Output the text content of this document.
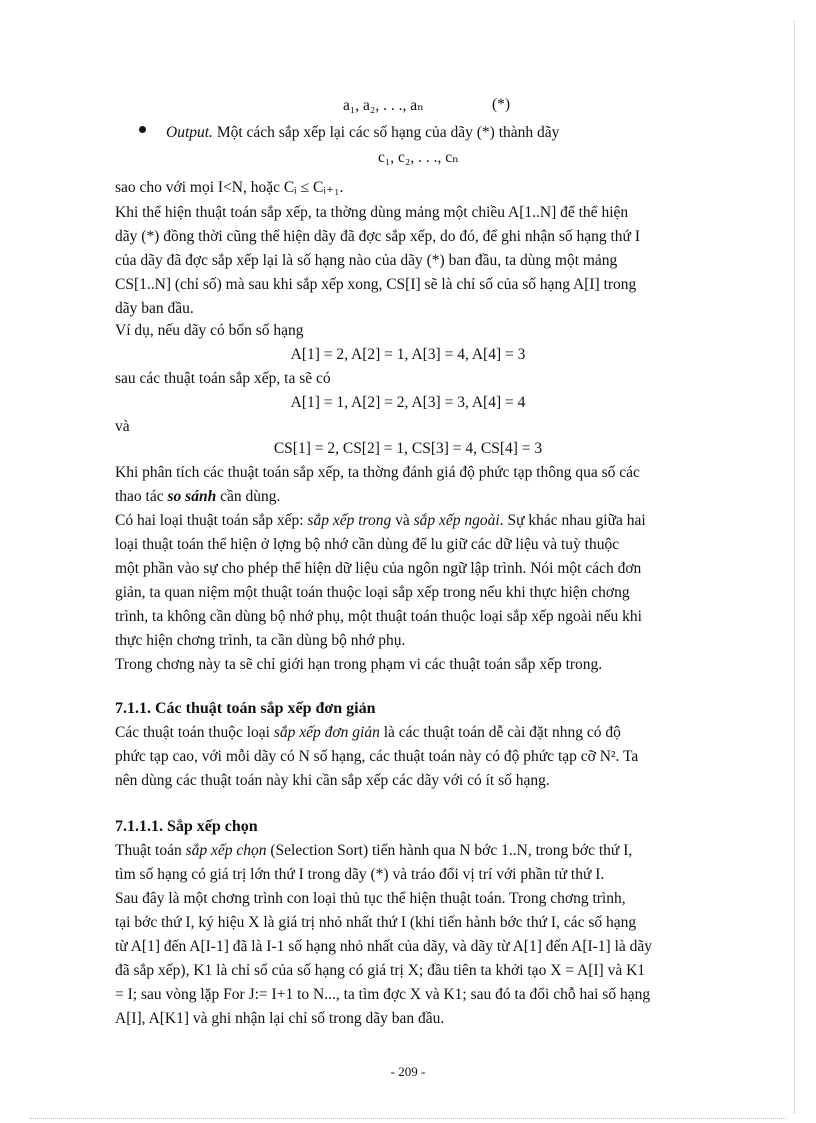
a₁, a₂, . . ., aₙ	(*)
Output. Một cách sắp xếp lại các số hạng của dãy (*) thành dãy
c₁, c₂, . . ., cₙ
sao cho với mọi I<N, hoặc Cᵢ ≤ Cᵢ₊₁.
Khi thể hiện thuật toán sắp xếp, ta thờng dùng mảng một chiều A[1..N] để thể hiện
dãy (*) đồng thời cũng thể hiện dãy đã đợc sắp xếp, do đó, để ghi nhận số hạng thứ I
của dãy đã đợc sắp xếp lại là số hạng nào của dãy (*) ban đầu, ta dùng một mảng
CS[1..N] (chỉ số) mà sau khi sắp xếp xong, CS[I] sẽ là chỉ số của số hạng A[I] trong
dãy ban đầu.
Ví dụ, nếu dãy có bốn số hạng
A[1] = 2, A[2] = 1, A[3] = 4, A[4] = 3
sau các thuật toán sắp xếp, ta sẽ có
A[1] = 1, A[2] = 2, A[3] = 3, A[4] = 4
và
CS[1] = 2, CS[2] = 1, CS[3] = 4, CS[4] = 3
Khi phân tích các thuật toán sắp xếp, ta thờng đánh giá độ phức tạp thông qua số các
thao tác so sánh cần dùng.
Có hai loại thuật toán sắp xếp: sắp xếp trong và sắp xếp ngoài. Sự khác nhau giữa hai
loại thuật toán thể hiện ở lợng bộ nhớ cần dùng để lu giữ các dữ liệu và tuỳ thuộc
một phần vào sự cho phép thể hiện dữ liệu của ngôn ngữ lập trình. Nói một cách đơn
giản, ta quan niệm một thuật toán thuộc loại sắp xếp trong nếu khi thực hiện chơng
trình, ta không cần dùng bộ nhớ phụ, một thuật toán thuộc loại sắp xếp ngoài nếu khi
thực hiện chơng trình, ta cần dùng bộ nhớ phụ.
Trong chơng này ta sẽ chỉ giới hạn trong phạm vi các thuật toán sắp xếp trong.
7.1.1. Các thuật toán sắp xếp đơn giản
Các thuật toán thuộc loại sắp xếp đơn giản là các thuật toán dễ cài đặt nhng có độ
phức tạp cao, với mỗi dãy có N số hạng, các thuật toán này có độ phức tạp cỡ N². Ta
nên dùng các thuật toán này khi cần sắp xếp các dãy với có ít số hạng.
7.1.1.1. Sắp xếp chọn
Thuật toán sắp xếp chọn (Selection Sort) tiến hành qua N bớc 1..N, trong bớc thứ I,
tìm số hạng có giá trị lớn thứ I trong dãy (*) và tráo đổi vị trí với phần tử thứ I.
Sau đây là một chơng trình con loại thủ tục thể hiện thuật toán. Trong chơng trình,
tại bớc thứ I, ký hiệu X là giá trị nhỏ nhất thứ I (khi tiến hành bớc thứ I, các số hạng
từ A[1] đến A[I-1] đã là I-1 số hạng nhỏ nhất của dãy, và dãy từ A[1] đến A[I-1] là dãy
đã sắp xếp), K1 là chỉ số của số hạng có giá trị X; đầu tiên ta khởi tạo X = A[I] và K1
= I; sau vòng lặp For J:= I+1 to N..., ta tìm đợc X và K1; sau đó ta đổi chỗ hai số hạng
A[I], A[K1] và ghi nhận lại chỉ số trong dãy ban đầu.
- 209 -
